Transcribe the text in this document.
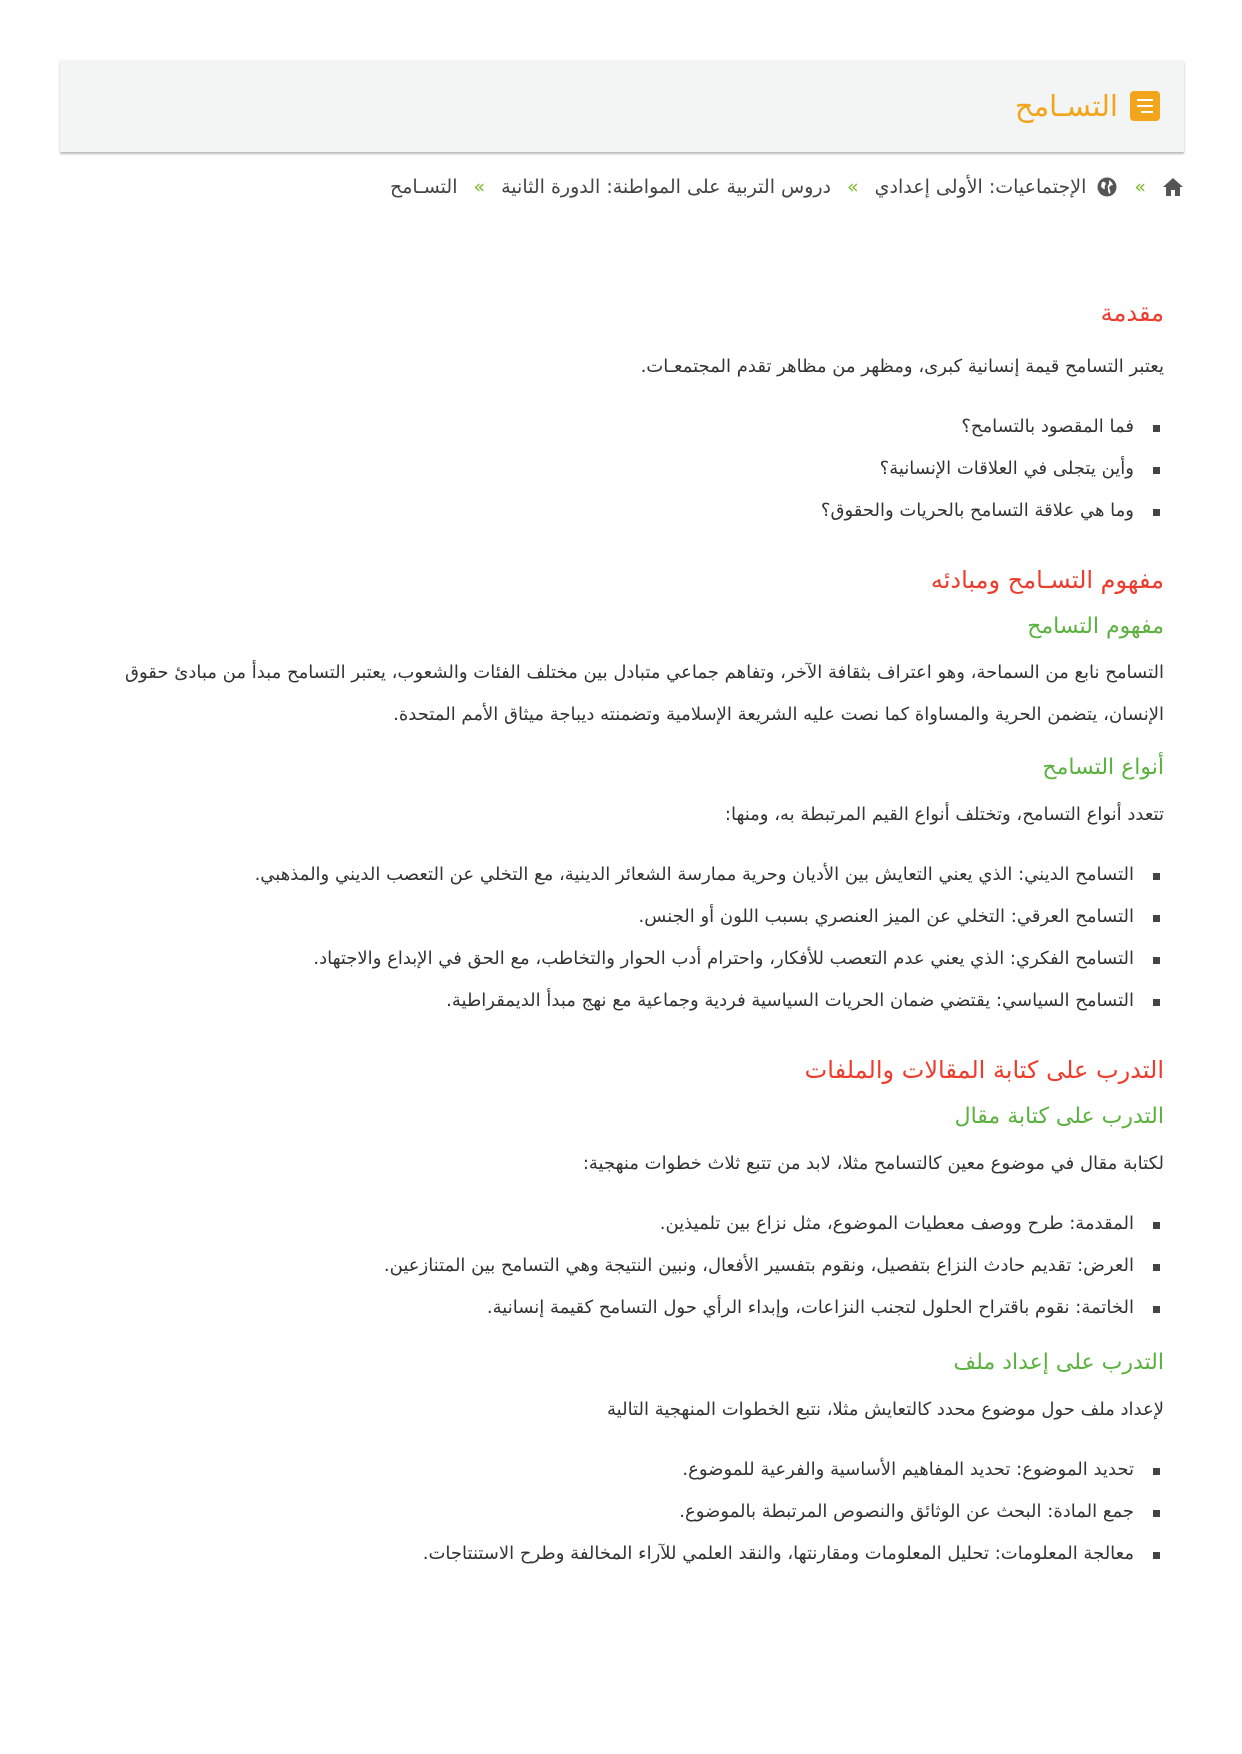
التسـامح
»
الإجتماعيات: الأولى إعدادي
»
دروس التربية على المواطنة: الدورة الثانية
»
التسـامح
مقدمة

يعتبر التسامح قيمة إنسانية كبرى، ومظهر من مظاهر تقدم المجتمعـات.

فما المقصود بالتسامح؟
وأين يتجلى في العلاقات الإنسانية؟
وما هي علاقة التسامح بالحريات والحقوق؟
مفهوم التسـامح ومبادئه
مفهوم التسامح

التسامح نابع من السماحة، وهو اعتراف بثقافة الآخر، وتفاهم جماعي متبادل بين مختلف الفئات والشعوب، يعتبر التسامح مبدأ من مبادئ حقوق الإنسان، يتضمن الحرية والمساواة كما نصت عليه الشريعة الإسلامية وتضمنته ديباجة ميثاق الأمم المتحدة.

أنواع التسامح

تتعدد أنواع التسامح، وتختلف أنواع القيم المرتبطة به، ومنها:

التسامح الديني: الذي يعني التعايش بين الأديان وحرية ممارسة الشعائر الدينية، مع التخلي عن التعصب الديني والمذهبي.
التسامح العرقي: التخلي عن الميز العنصري بسبب اللون أو الجنس.
التسامح الفكري: الذي يعني عدم التعصب للأفكار، واحترام أدب الحوار والتخاطب، مع الحق في الإبداع والاجتهاد.
التسامح السياسي: يقتضي ضمان الحريات السياسية فردية وجماعية مع نهج مبدأ الديمقراطية.
التدرب على كتابة المقالات والملفات
التدرب على كتابة مقال

لكتابة مقال في موضوع معين كالتسامح مثلا، لابد من تتبع ثلاث خطوات منهجية:

المقدمة: طرح ووصف معطيات الموضوع، مثل نزاع بين تلميذين.
العرض: تقديم حادث النزاع بتفصيل، ونقوم بتفسير الأفعال، ونبين النتيجة وهي التسامح بين المتنازعين.
الخاتمة: نقوم باقتراح الحلول لتجنب النزاعات، وإبداء الرأي حول التسامح كقيمة إنسانية.
التدرب على إعداد ملف

لإعداد ملف حول موضوع محدد كالتعايش مثلا، نتبع الخطوات المنهجية التالية

تحديد الموضوع: تحديد المفاهيم الأساسية والفرعية للموضوع.
جمع المادة: البحث عن الوثائق والنصوص المرتبطة بالموضوع.
معالجة المعلومات: تحليل المعلومات ومقارنتها، والنقد العلمي للآراء المخالفة وطرح الاستنتاجات.
